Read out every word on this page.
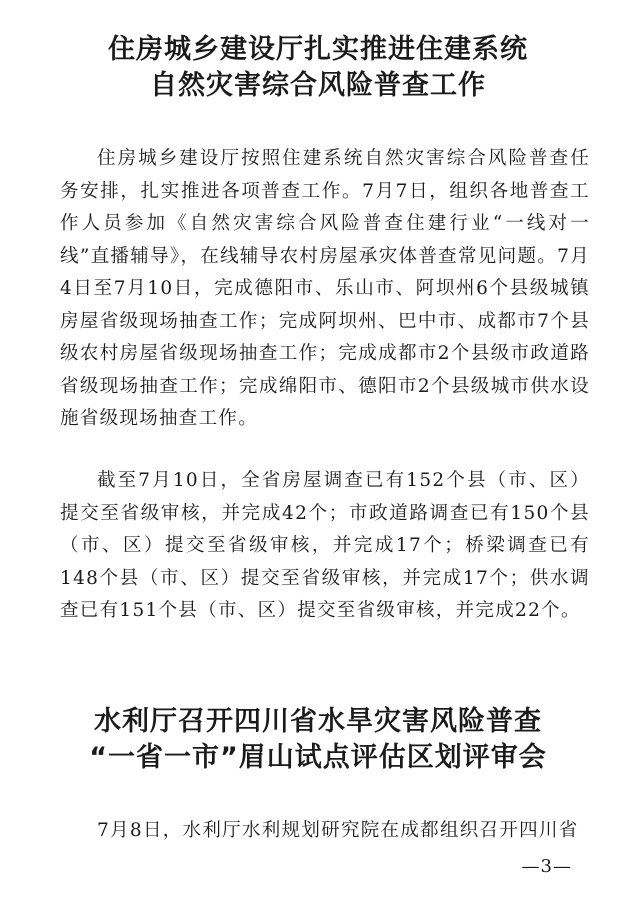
住房城乡建设厅扎实推进住建系统
自然灾害综合风险普查工作

住房城乡建设厅按照住建系统自然灾害综合风险普查任务安排，扎实推进各项普查工作。7月7日，组织各地普查工作人员参加《自然灾害综合风险普查住建行业“一线对一线”直播辅导》，在线辅导农村房屋承灾体普查常见问题。7月4日至7月10日，完成德阳市、乐山市、阿坝州6个县级城镇房屋省级现场抽查工作；完成阿坝州、巴中市、成都市7个县级农村房屋省级现场抽查工作；完成成都市2个县级市政道路省级现场抽查工作；完成绵阳市、德阳市2个县级城市供水设施省级现场抽查工作。

截至7月10日，全省房屋调查已有152个县（市、区）提交至省级审核，并完成42个；市政道路调查已有150个县（市、区）提交至省级审核，并完成17个；桥梁调查已有148个县（市、区）提交至省级审核，并完成17个；供水调查已有151个县（市、区）提交至省级审核，并完成22个。

水利厅召开四川省水旱灾害风险普查
“一省一市”眉山试点评估区划评审会

7月8日，水利厅水利规划研究院在成都组织召开四川省

—3—
